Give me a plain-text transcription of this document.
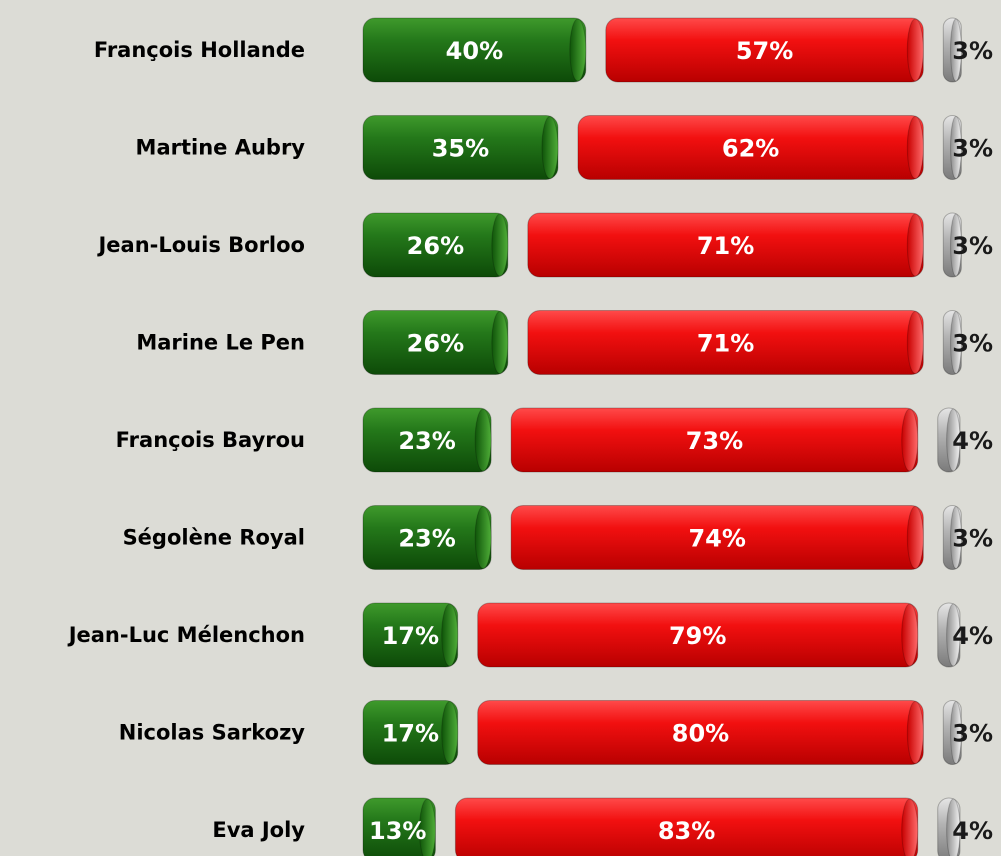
François Hollande	40%	57%	3%
Martine Aubry	35%	62%	3%
Jean-Louis Borloo	26%	71%	3%
Marine Le Pen	26%	71%	3%
François Bayrou	23%	73%	4%
Ségolène Royal	23%	74%	3%
Jean-Luc Mélenchon	17%	79%	4%
Nicolas Sarkozy	17%	80%	3%
Eva Joly	13%	83%	4%
